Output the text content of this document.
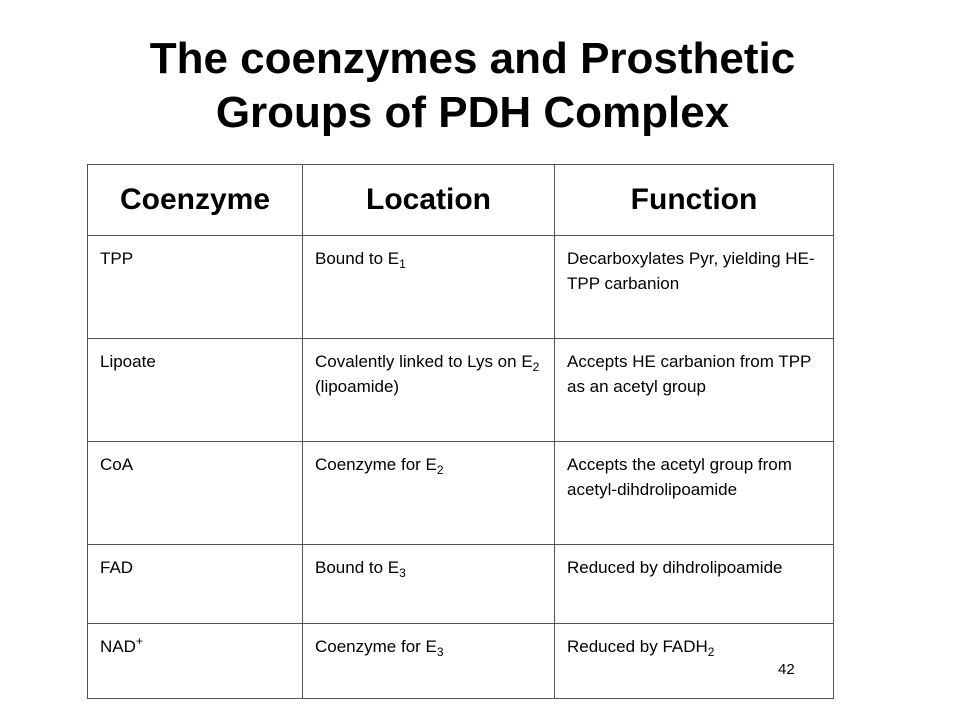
The coenzymes and Prosthetic
Groups of PDH Complex
Coenzyme	Location	Function
TPP	Bound to $E_1$	Decarboxylates Pyr, yielding HE-TPP carbanion
Lipoate	Covalently linked to Lys on $E_2$ (lipoamide)	Accepts HE carbanion from TPP as an acetyl group
CoA	Coenzyme for $E_2$	Accepts the acetyl group from acetyl-dihdrolipoamide
FAD	Bound to $E_3$	Reduced by dihdrolipoamide
NAD+	Coenzyme for $E_3$	Reduced by $FADH_2$
42
